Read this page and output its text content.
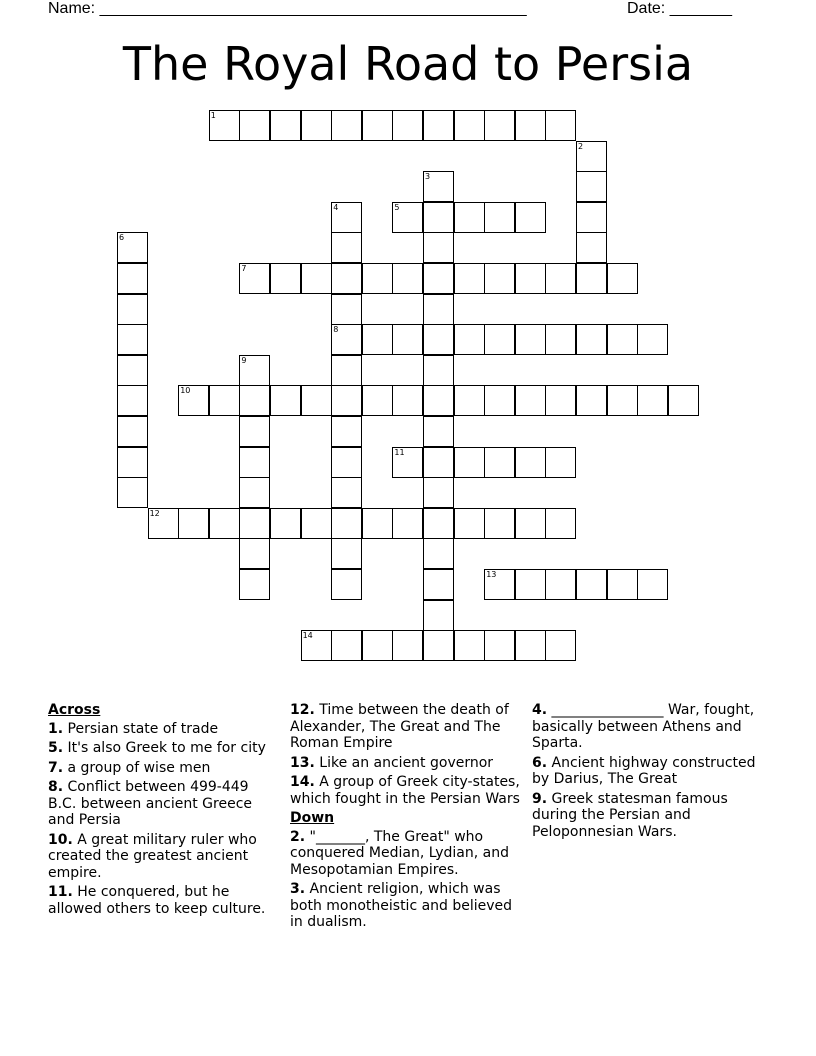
Name: ________________________________________________	Date: _______
The Royal Road to Persia
1
5
7
8
10
11
12
13
14
2
3
4
6
9
Across
1. Persian state of trade
5. It's also Greek to me for city
7. a group of wise men
8. Conflict between 499-449 B.C. between ancient Greece and Persia
10. A great military ruler who created the greatest ancient empire.
11. He conquered, but he allowed others to keep culture.
12. Time between the death of Alexander, The Great and The Roman Empire
13. Like an ancient governor
14. A group of Greek city-states, which fought in the Persian Wars
Down
2. "_______, The Great" who conquered Median, Lydian, and Mesopotamian Empires.
3. Ancient religion, which was both monotheistic and believed in dualism.
4. ________________ War, fought, basically between Athens and Sparta.
6. Ancient highway constructed by Darius, The Great
9. Greek statesman famous during the Persian and Peloponnesian Wars.
